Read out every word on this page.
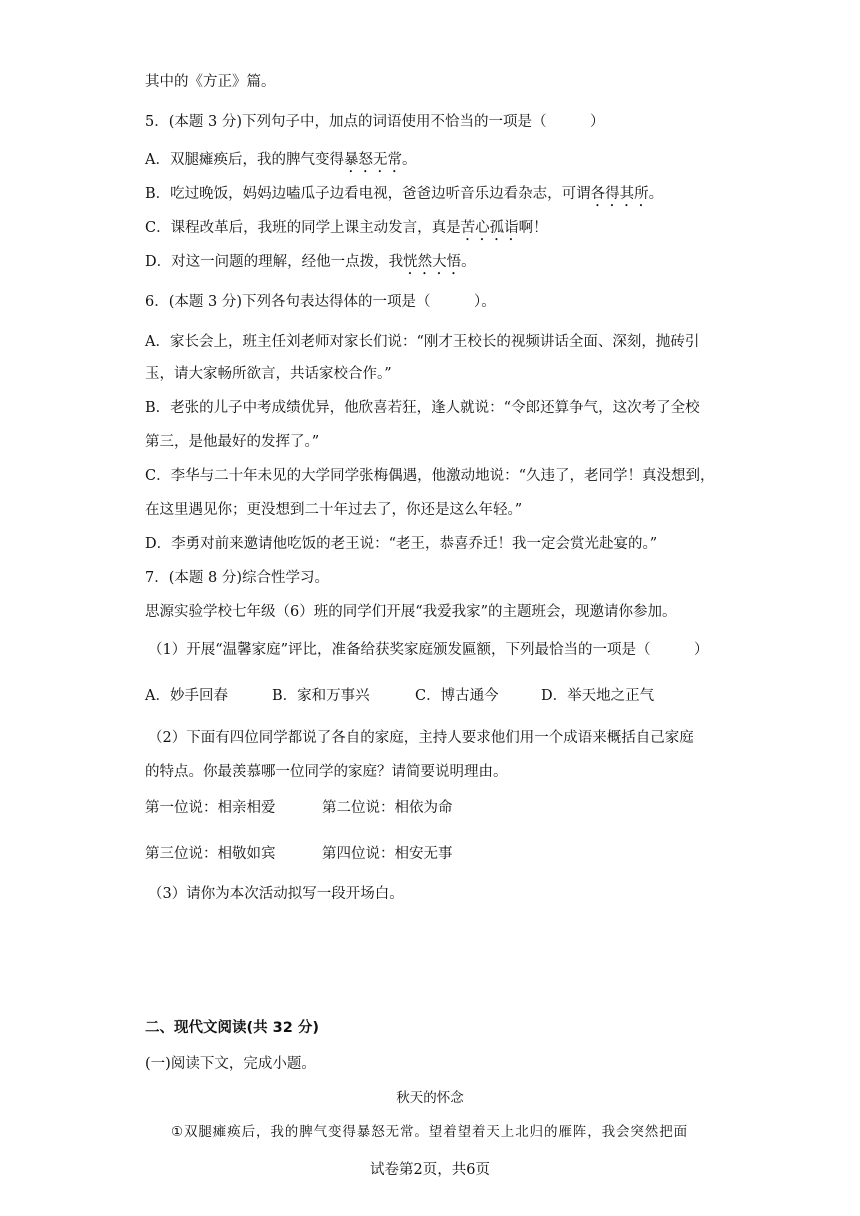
其中的《方正》篇。
5．(本题 3 分)下列句子中，加点的词语使用不恰当的一项是（　　　）
A．双腿瘫痪后，我的脾气变得暴怒无常。
B．吃过晚饭，妈妈边嗑瓜子边看电视，爸爸边听音乐边看杂志，可谓各得其所。
C．课程改革后，我班的同学上课主动发言，真是苦心孤诣啊！
D．对这一问题的理解，经他一点拨，我恍然大悟。
6．(本题 3 分)下列各句表达得体的一项是（　　　）。
A．家长会上，班主任刘老师对家长们说：“刚才王校长的视频讲话全面、深刻，抛砖引
玉，请大家畅所欲言，共话家校合作。”
B．老张的儿子中考成绩优异，他欣喜若狂，逢人就说：“令郎还算争气，这次考了全校
第三，是他最好的发挥了。”
C．李华与二十年未见的大学同学张梅偶遇，他激动地说：“久违了，老同学！真没想到，
在这里遇见你；更没想到二十年过去了，你还是这么年轻。”
D．李勇对前来邀请他吃饭的老王说：“老王，恭喜乔迁！我一定会赏光赴宴的。”
7．(本题 8 分)综合性学习。
思源实验学校七年级（6）班的同学们开展“我爱我家”的主题班会，现邀请你参加。
（1）开展“温馨家庭”评比，准备给获奖家庭颁发匾额，下列最恰当的一项是（　　　）
A．妙手回春	B．家和万事兴	C．博古通今	D．举天地之正气
（2）下面有四位同学都说了各自的家庭，主持人要求他们用一个成语来概括自己家庭
的特点。你最羡慕哪一位同学的家庭？请简要说明理由。
第一位说：相亲相爱	第二位说：相依为命
第三位说：相敬如宾	第四位说：相安无事
（3）请你为本次活动拟写一段开场白。
二、现代文阅读(共 32 分)
(一)阅读下文，完成小题。
秋天的怀念
①双腿瘫痪后，我的脾气变得暴怒无常。望着望着天上北归的雁阵，我会突然把面
试卷第2页，共6页
